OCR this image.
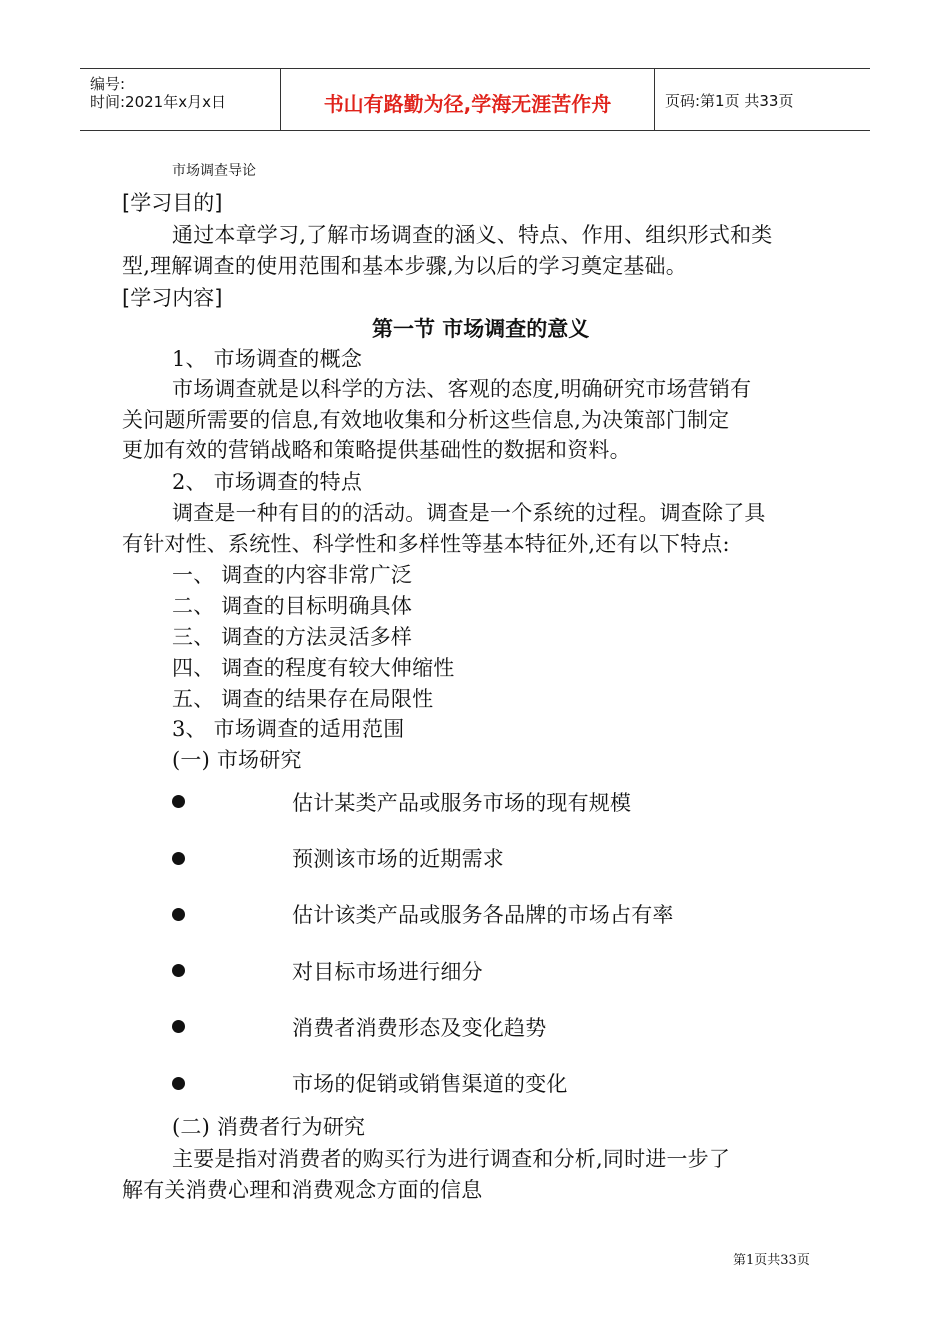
编号:
时间:2021年x月x日	书山有路勤为径,学海无涯苦作舟	页码:第1页 共33页
市场调查导论
[学习目的]
通过本章学习,了解市场调查的涵义、特点、作用、组织形式和类
型,理解调查的使用范围和基本步骤,为以后的学习奠定基础。
[学习内容]
第一节 市场调查的意义
1、 市场调查的概念
市场调查就是以科学的方法、客观的态度,明确研究市场营销有
关问题所需要的信息,有效地收集和分析这些信息,为决策部门制定
更加有效的营销战略和策略提供基础性的数据和资料。
2、 市场调查的特点
调查是一种有目的的活动。调查是一个系统的过程。调查除了具
有针对性、系统性、科学性和多样性等基本特征外,还有以下特点:
一、 调查的内容非常广泛
二、 调查的目标明确具体
三、 调查的方法灵活多样
四、 调查的程度有较大伸缩性
五、 调查的结果存在局限性
3、 市场调查的适用范围
(一) 市场研究
估计某类产品或服务市场的现有规模
预测该市场的近期需求
估计该类产品或服务各品牌的市场占有率
对目标市场进行细分
消费者消费形态及变化趋势
市场的促销或销售渠道的变化
(二) 消费者行为研究
主要是指对消费者的购买行为进行调查和分析,同时进一步了
解有关消费心理和消费观念方面的信息
第1页共33页
